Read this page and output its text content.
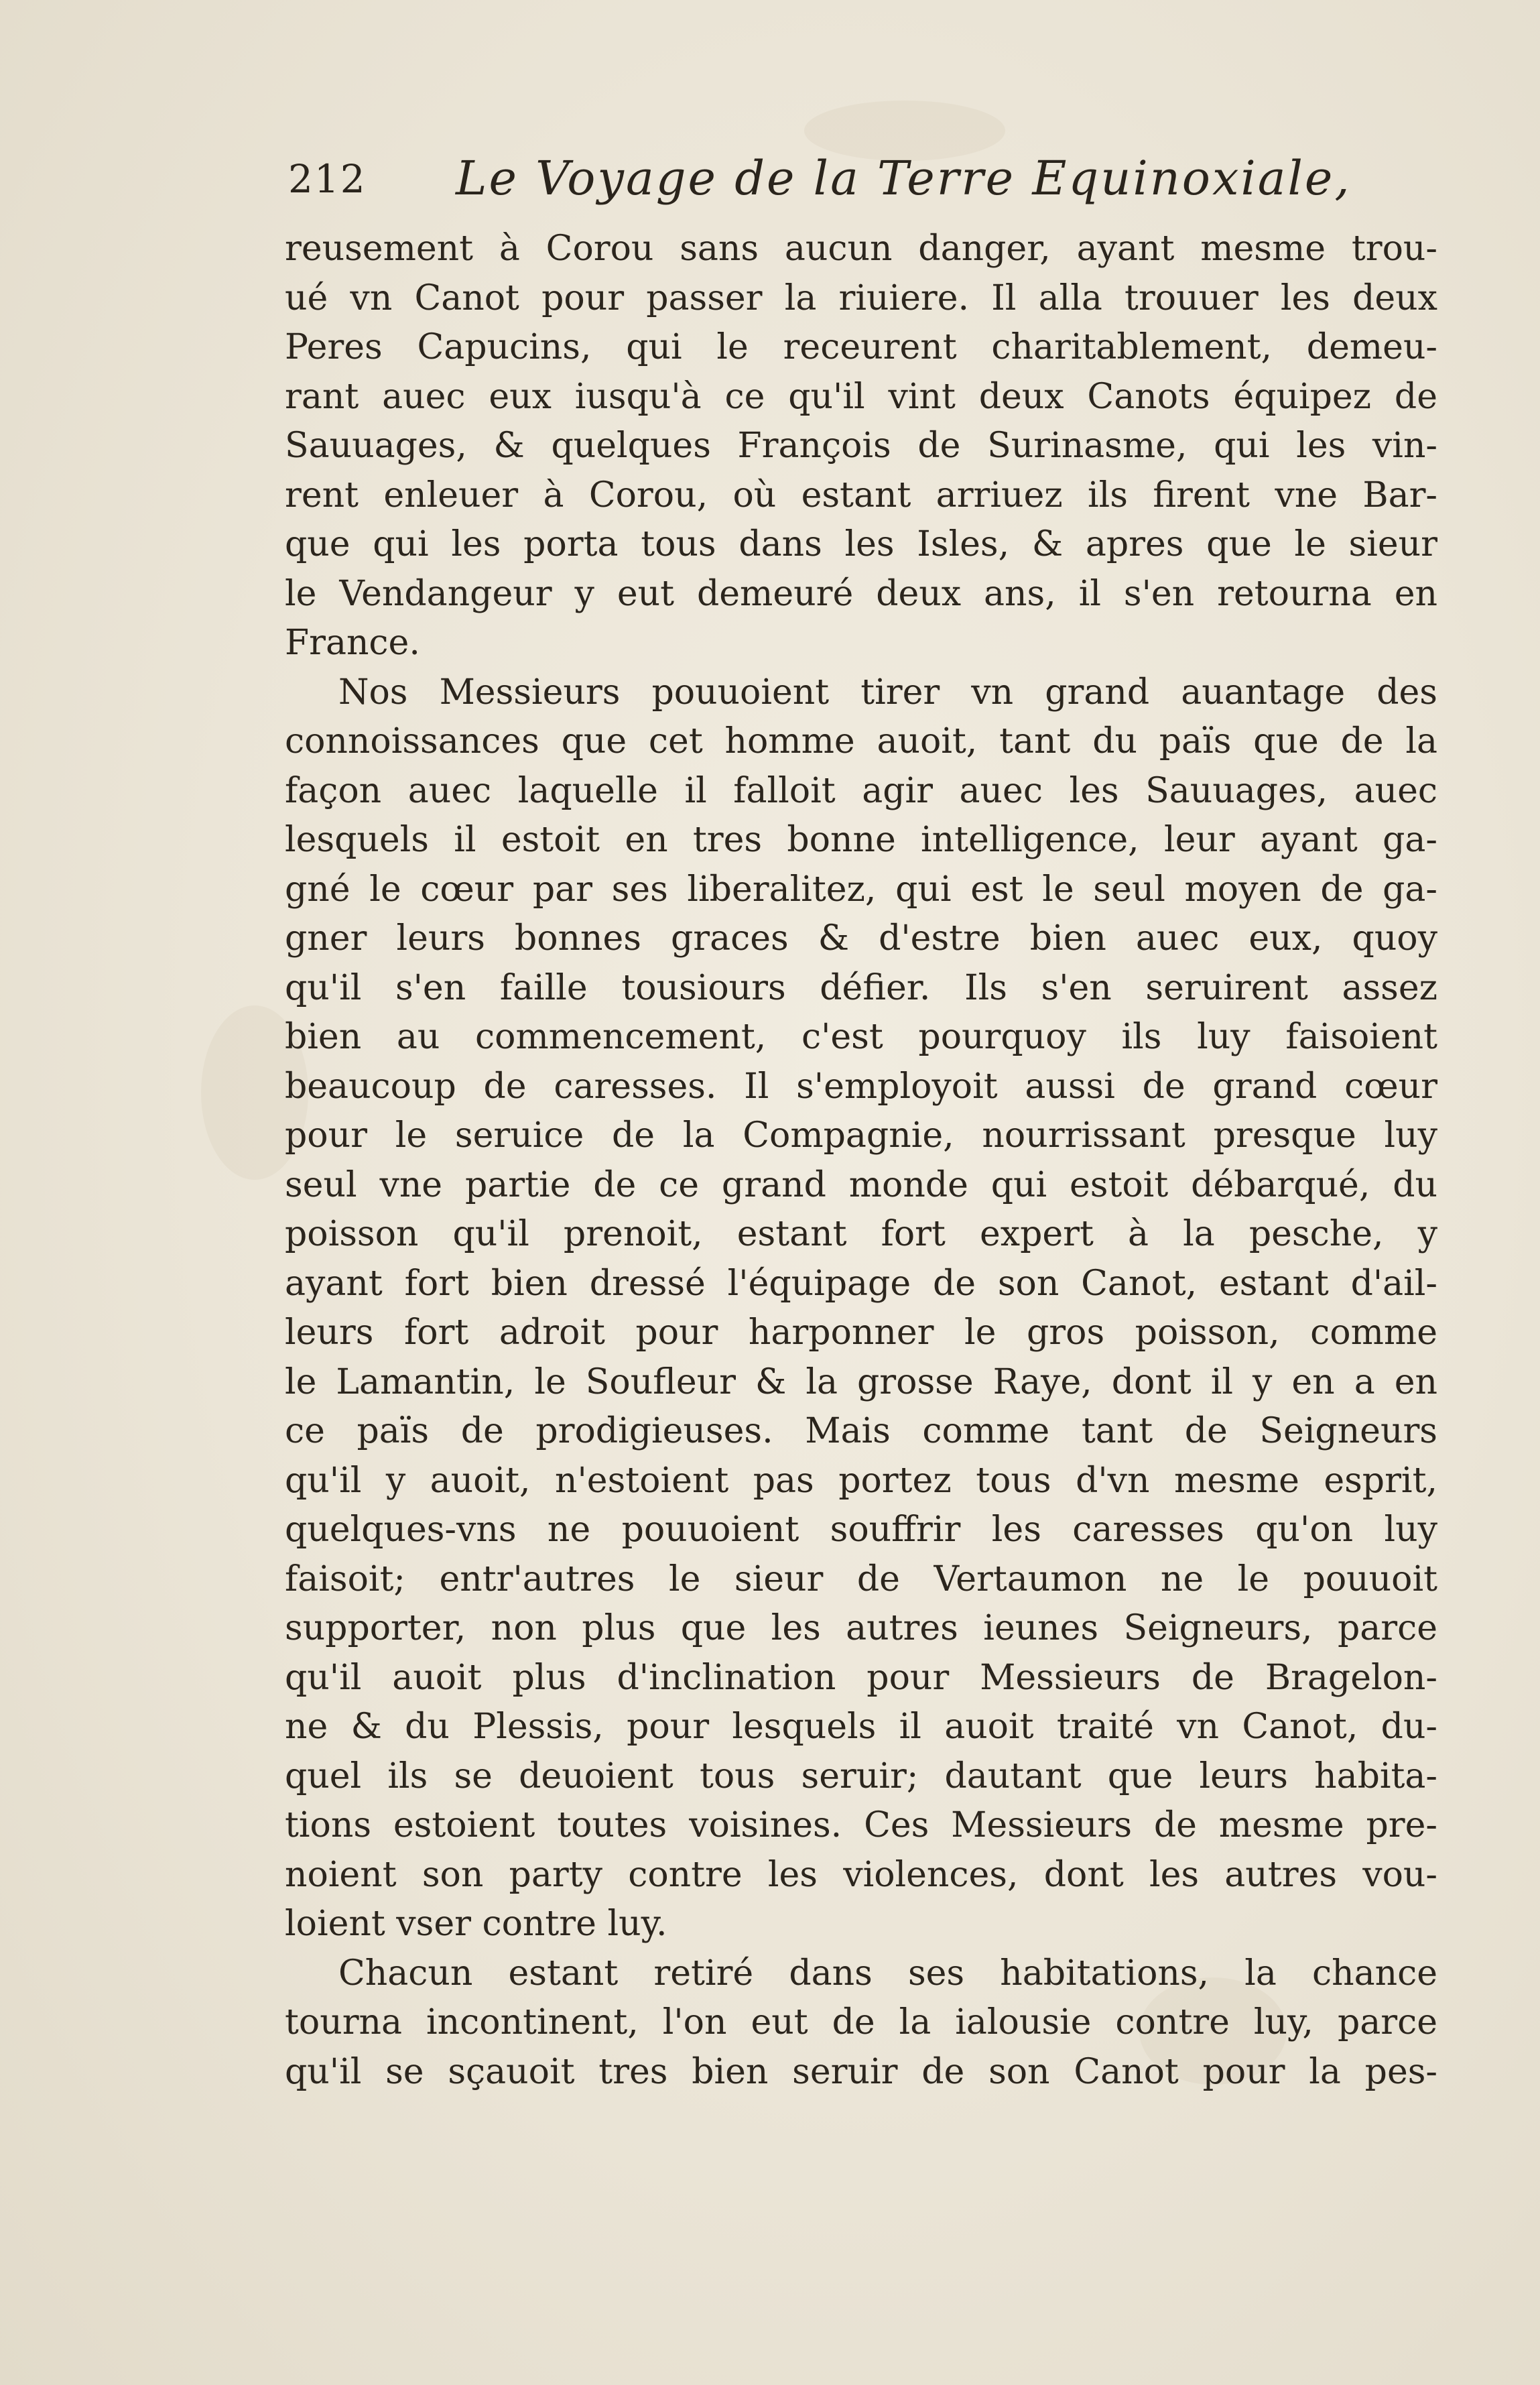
212 Le Voyage de la Terre Equinoxiale,
reusement à Corou sans aucun danger, ayant mesme trou-
ué vn Canot pour passer la riuiere. Il alla trouuer les deux
Peres Capucins, qui le receurent charitablement, demeu-
rant auec eux iusqu'à ce qu'il vint deux Canots équipez de
Sauuages, & quelques François de Surinasme, qui les vin-
rent enleuer à Corou, où estant arriuez ils firent vne Bar-
que qui les porta tous dans les Isles, & apres que le sieur
le Vendangeur y eut demeuré deux ans, il s'en retourna en
France.
Nos Messieurs pouuoient tirer vn grand auantage des
connoissances que cet homme auoit, tant du païs que de la
façon auec laquelle il falloit agir auec les Sauuages, auec
lesquels il estoit en tres bonne intelligence, leur ayant ga-
gné le cœur par ses liberalitez, qui est le seul moyen de ga-
gner leurs bonnes graces & d'estre bien auec eux, quoy
qu'il s'en faille tousiours défier. Ils s'en seruirent assez
bien au commencement, c'est pourquoy ils luy faisoient
beaucoup de caresses. Il s'employoit aussi de grand cœur
pour le seruice de la Compagnie, nourrissant presque luy
seul vne partie de ce grand monde qui estoit débarqué, du
poisson qu'il prenoit, estant fort expert à la pesche, y
ayant fort bien dressé l'équipage de son Canot, estant d'ail-
leurs fort adroit pour harponner le gros poisson, comme
le Lamantin, le Soufleur & la grosse Raye, dont il y en a en
ce païs de prodigieuses. Mais comme tant de Seigneurs
qu'il y auoit, n'estoient pas portez tous d'vn mesme esprit,
quelques-vns ne pouuoient souffrir les caresses qu'on luy
faisoit; entr'autres le sieur de Vertaumon ne le pouuoit
supporter, non plus que les autres ieunes Seigneurs, parce
qu'il auoit plus d'inclination pour Messieurs de Bragelon-
ne & du Plessis, pour lesquels il auoit traité vn Canot, du-
quel ils se deuoient tous seruir; dautant que leurs habita-
tions estoient toutes voisines. Ces Messieurs de mesme pre-
noient son party contre les violences, dont les autres vou-
loient vser contre luy.
Chacun estant retiré dans ses habitations, la chance
tourna incontinent, l'on eut de la ialousie contre luy, parce
qu'il se sçauoit tres bien seruir de son Canot pour la pes-
